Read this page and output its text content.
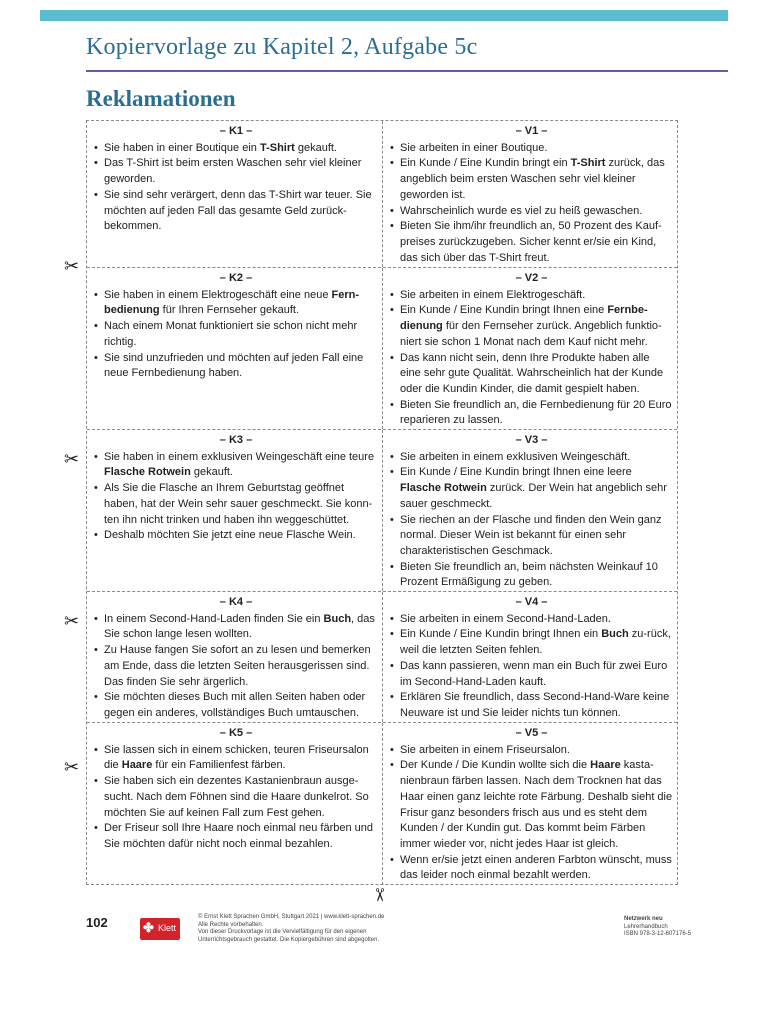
Kopiervorlage zu Kapitel 2, Aufgabe 5c
Reklamationen
– K1 –
• Sie haben in einer Boutique ein T-Shirt gekauft.
• Das T-Shirt ist beim ersten Waschen sehr viel kleiner geworden.
• Sie sind sehr verärgert, denn das T-Shirt war teuer. Sie möchten auf jeden Fall das gesamte Geld zurück-bekommen.
– V1 –
• Sie arbeiten in einer Boutique.
• Ein Kunde / Eine Kundin bringt ein T-Shirt zurück, das angeblich beim ersten Waschen sehr viel kleiner geworden ist.
• Wahrscheinlich wurde es viel zu heiß gewaschen.
• Bieten Sie ihm/ihr freundlich an, 50 Prozent des Kauf-preises zurückzugeben. Sicher kennt er/sie ein Kind, das sich über das T-Shirt freut.
– K2 –
• Sie haben in einem Elektrogeschäft eine neue Fern-bedienung für Ihren Fernseher gekauft.
• Nach einem Monat funktioniert sie schon nicht mehr richtig.
• Sie sind unzufrieden und möchten auf jeden Fall eine neue Fernbedienung haben.
– V2 –
• Sie arbeiten in einem Elektrogeschäft.
• Ein Kunde / Eine Kundin bringt Ihnen eine Fernbe-dienung für den Fernseher zurück. Angeblich funktio-niert sie schon 1 Monat nach dem Kauf nicht mehr.
• Das kann nicht sein, denn Ihre Produkte haben alle eine sehr gute Qualität. Wahrscheinlich hat der Kunde oder die Kundin Kinder, die damit gespielt haben.
• Bieten Sie freundlich an, die Fernbedienung für 20 Euro reparieren zu lassen.
– K3 –
• Sie haben in einem exklusiven Weingeschäft eine teure Flasche Rotwein gekauft.
• Als Sie die Flasche an Ihrem Geburtstag geöffnet haben, hat der Wein sehr sauer geschmeckt. Sie konn-ten ihn nicht trinken und haben ihn weggeschüttet.
• Deshalb möchten Sie jetzt eine neue Flasche Wein.
– V3 –
• Sie arbeiten in einem exklusiven Weingeschäft.
• Ein Kunde / Eine Kundin bringt Ihnen eine leere Flasche Rotwein zurück. Der Wein hat angeblich sehr sauer geschmeckt.
• Sie riechen an der Flasche und finden den Wein ganz normal. Dieser Wein ist bekannt für einen sehr charakteristischen Geschmack.
• Bieten Sie freundlich an, beim nächsten Weinkauf 10 Prozent Ermäßigung zu geben.
– K4 –
• In einem Second-Hand-Laden finden Sie ein Buch, das Sie schon lange lesen wollten.
• Zu Hause fangen Sie sofort an zu lesen und bemerken am Ende, dass die letzten Seiten herausgerissen sind. Das finden Sie sehr ärgerlich.
• Sie möchten dieses Buch mit allen Seiten haben oder gegen ein anderes, vollständiges Buch umtauschen.
– V4 –
• Sie arbeiten in einem Second-Hand-Laden.
• Ein Kunde / Eine Kundin bringt Ihnen ein Buch zu-rück, weil die letzten Seiten fehlen.
• Das kann passieren, wenn man ein Buch für zwei Euro im Second-Hand-Laden kauft.
• Erklären Sie freundlich, dass Second-Hand-Ware keine Neuware ist und Sie leider nichts tun können.
– K5 –
• Sie lassen sich in einem schicken, teuren Friseursalon die Haare für ein Familienfest färben.
• Sie haben sich ein dezentes Kastanienbraun ausge-sucht. Nach dem Föhnen sind die Haare dunkelrot. So möchten Sie auf keinen Fall zum Fest gehen.
• Der Friseur soll Ihre Haare noch einmal neu färben und Sie möchten dafür nicht noch einmal bezahlen.
– V5 –
• Sie arbeiten in einem Friseursalon.
• Der Kunde / Die Kundin wollte sich die Haare kasta-nienbraun färben lassen. Nach dem Trocknen hat das Haar einen ganz leichte rote Färbung. Deshalb sieht die Frisur ganz besonders frisch aus und es steht dem Kunden / der Kundin gut. Das kommt beim Färben immer wieder vor, nicht jedes Haar ist gleich.
• Wenn er/sie jetzt einen anderen Farbton wünscht, muss das leider noch einmal bezahlt werden.
✂
✂
✂
✂
✂
102	✤ Klett
© Ernst Klett Sprachen GmbH, Stuttgart 2021 | www.klett-sprachen.de
Alle Rechte vorbehalten.
Von dieser Druckvorlage ist die Vervielfältigung für den eigenen
Unterrichtsgebrauch gestattet. Die Kopiergebühren sind abgegolten.
Netzwerk neu
Lehrerhandbuch
ISBN 978-3-12-607176-5
